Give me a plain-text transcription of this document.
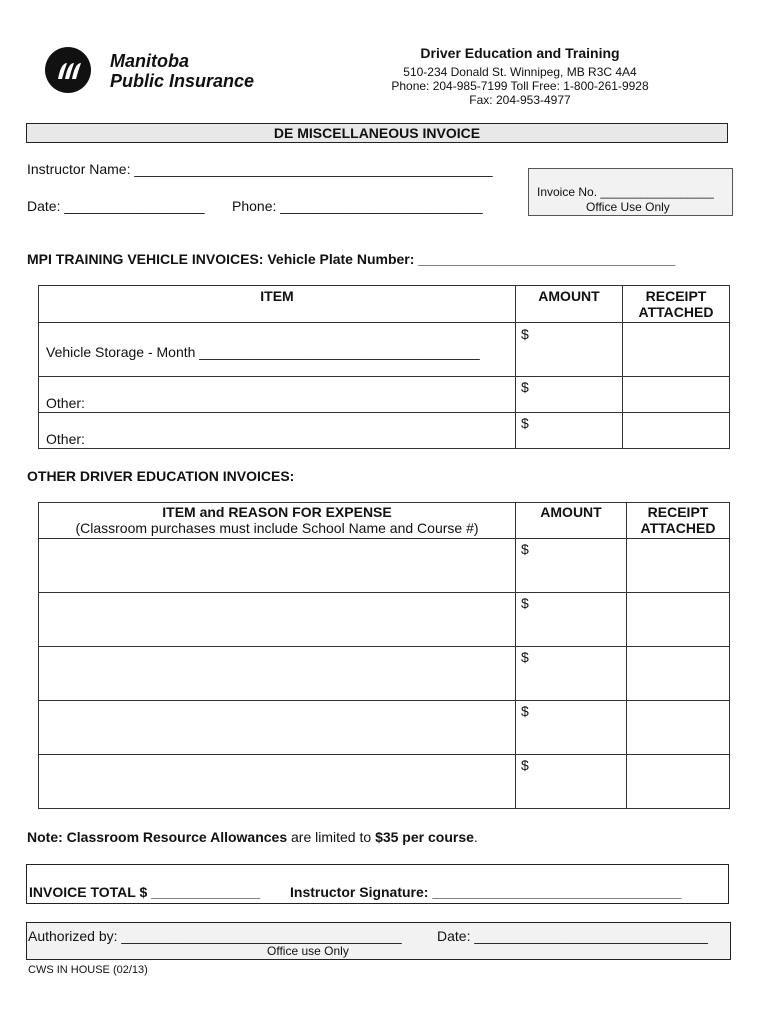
Manitoba
Public Insurance
Driver Education and Training
510-234 Donald St. Winnipeg, MB R3C 4A4
Phone: 204-985-7199 Toll Free: 1-800-261-9928
Fax: 204-953-4977
DE MISCELLANEOUS INVOICE
Instructor Name: ______________________________________________
Date: __________________ Phone: __________________________
Invoice No. _________________
Office Use Only
MPI TRAINING VEHICLE INVOICES: Vehicle Plate Number: _________________________________
ITEM	AMOUNT	RECEIPT ATTACHED
Vehicle Storage - Month ____________________________________	$	
Other:	$	
Other:	$	
OTHER DRIVER EDUCATION INVOICES:
ITEM and REASON FOR EXPENSE
(Classroom purchases must include School Name and Course #)	AMOUNT	RECEIPT ATTACHED
	$	
	$	
	$	
	$	
	$	
Note: Classroom Resource Allowances are limited to $35 per course.
INVOICE TOTAL $ ______________ Instructor Signature: ________________________________
Authorized by: ____________________________________	Date: ______________________________
Office use Only
CWS IN HOUSE (02/13)
